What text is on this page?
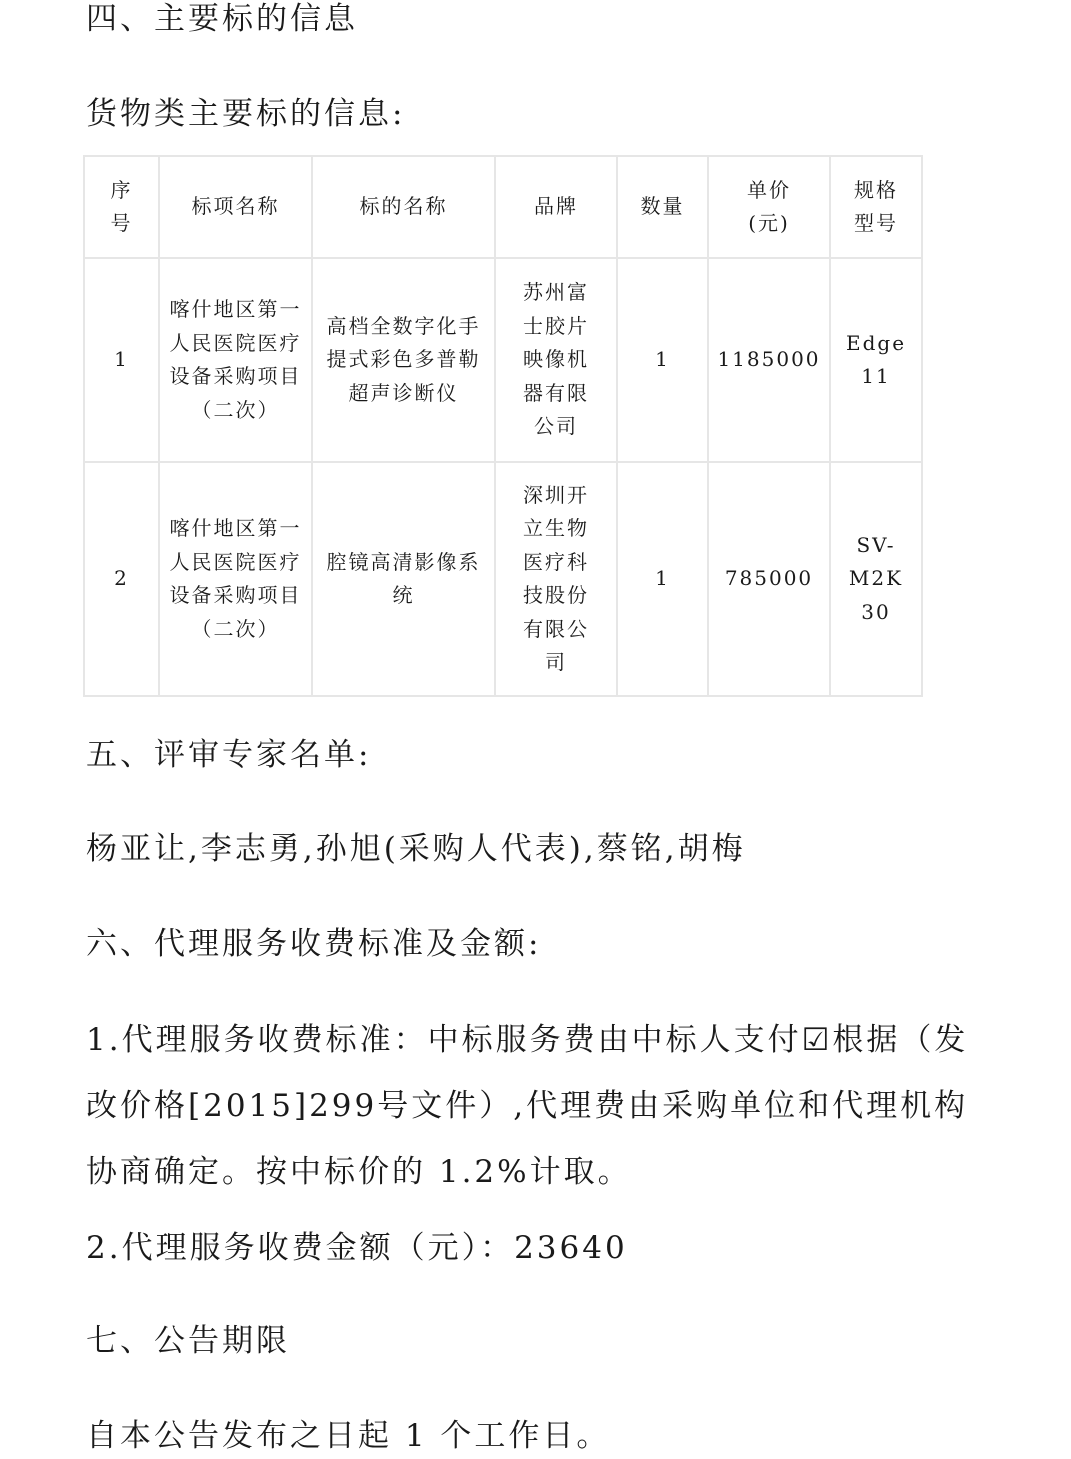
四、主要标的信息

货物类主要标的信息:

序号	标项名称	标的名称	品牌	数量	单价(元)	规格型号
1	喀什地区第一人民医院医疗设备采购项目（二次）	高档全数字化手提式彩色多普勒超声诊断仪	苏州富士胶片映像机器有限公司	1	1185000	Edge 11
2	喀什地区第一人民医院医疗设备采购项目（二次）	腔镜高清影像系统	深圳开立生物医疗科技股份有限公司	1	785000	SV-M2K30

五、评审专家名单:

杨亚让,李志勇,孙旭(采购人代表),蔡铭,胡梅

六、代理服务收费标准及金额:

1.代理服务收费标准：中标服务费由中标人支付☑根据（发改价格[2015]299号文件）,代理费由采购单位和代理机构协商确定。按中标价的 1.2%计取。

2.代理服务收费金额（元）：23640

七、公告期限

自本公告发布之日起 1 个工作日。
